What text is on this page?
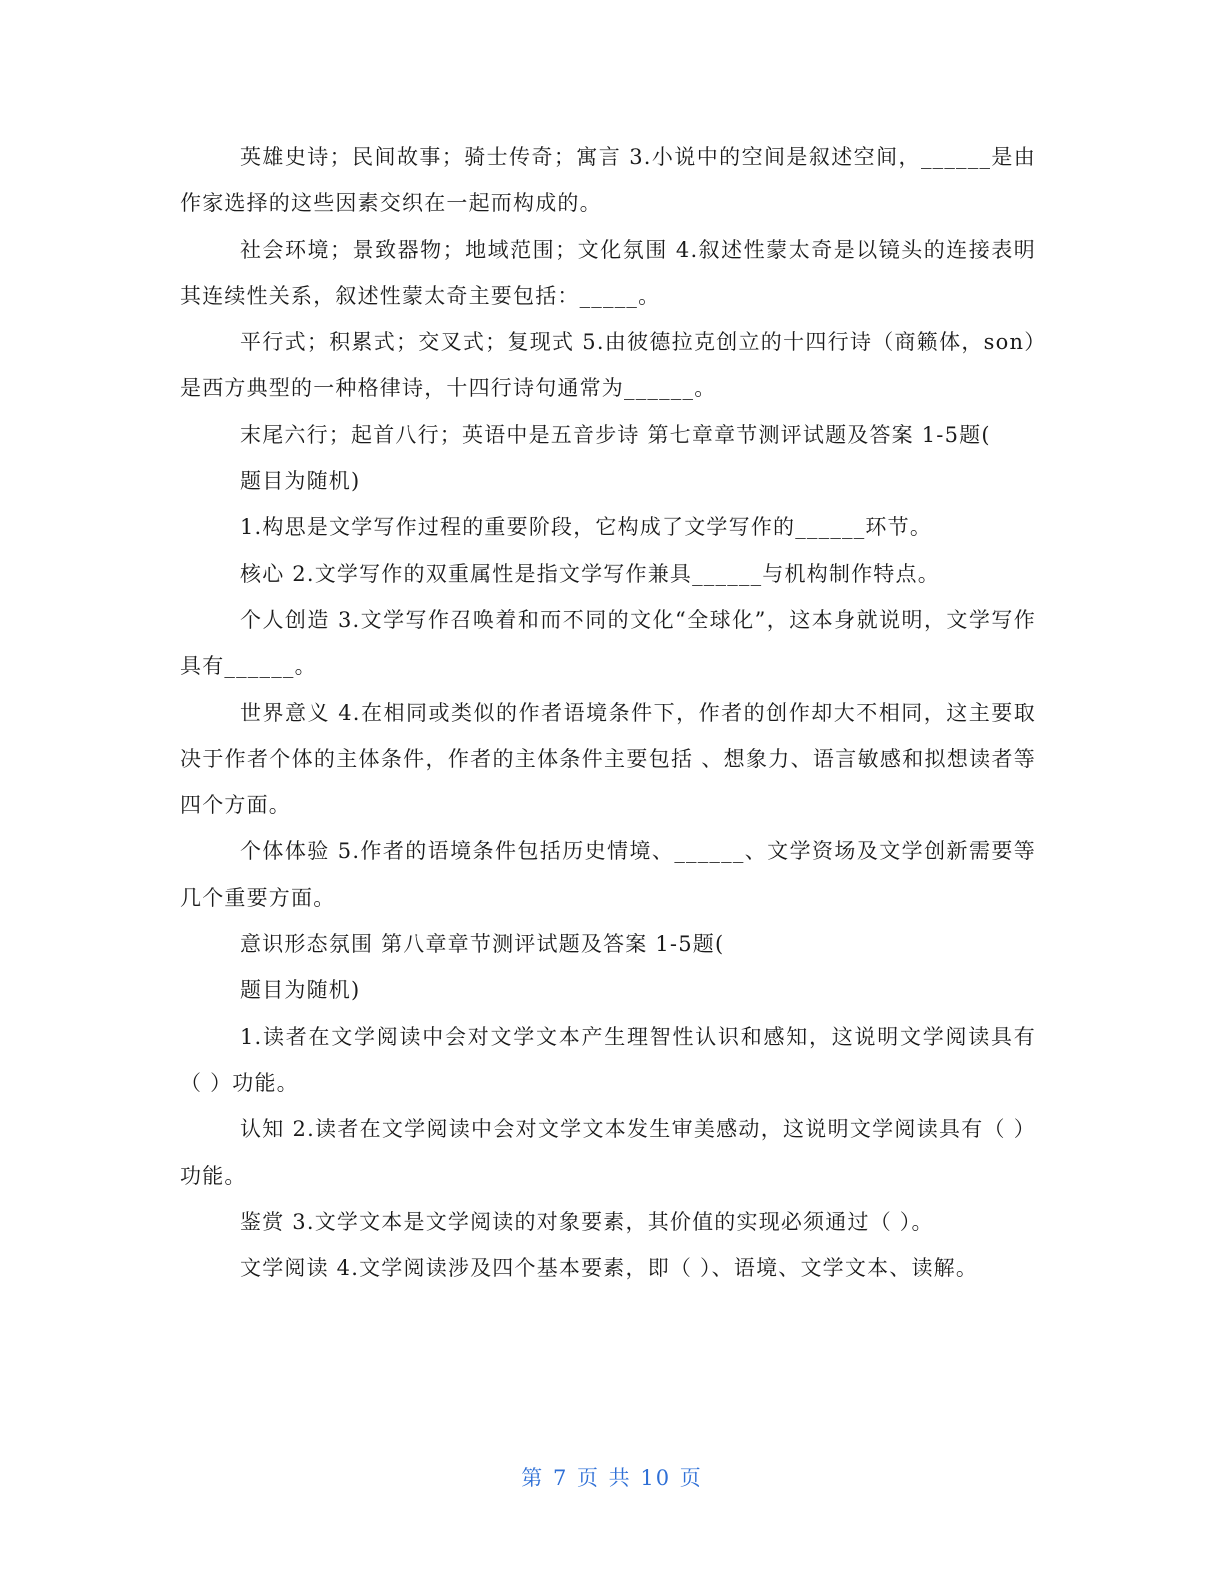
英雄史诗；民间故事；骑士传奇；寓言 3.小说中的空间是叙述空间，______是由作家选择的这些因素交织在一起而构成的。

社会环境；景致器物；地域范围；文化氛围 4.叙述性蒙太奇是以镜头的连接表明其连续性关系，叙述性蒙太奇主要包括：_____。

平行式；积累式；交叉式；复现式 5.由彼德拉克创立的十四行诗（商籁体，son）是西方典型的一种格律诗，十四行诗句通常为______。

末尾六行；起首八行；英语中是五音步诗 第七章章节测评试题及答案 1-5题(

题目为随机)

1.构思是文学写作过程的重要阶段，它构成了文学写作的______环节。

核心 2.文学写作的双重属性是指文学写作兼具______与机构制作特点。

个人创造 3.文学写作召唤着和而不同的文化“全球化”，这本身就说明，文学写作具有______。

世界意义 4.在相同或类似的作者语境条件下，作者的创作却大不相同，这主要取决于作者个体的主体条件，作者的主体条件主要包括 、想象力、语言敏感和拟想读者等四个方面。

个体体验 5.作者的语境条件包括历史情境、______、文学资场及文学创新需要等几个重要方面。

意识形态氛围 第八章章节测评试题及答案 1-5题(

题目为随机)

1.读者在文学阅读中会对文学文本产生理智性认识和感知，这说明文学阅读具有（ ）功能。

认知 2.读者在文学阅读中会对文学文本发生审美感动，这说明文学阅读具有（ ）功能。

鉴赏 3.文学文本是文学阅读的对象要素，其价值的实现必须通过（ ）。

文学阅读 4.文学阅读涉及四个基本要素，即（ ）、语境、文学文本、读解。

第 7 页 共 10 页
